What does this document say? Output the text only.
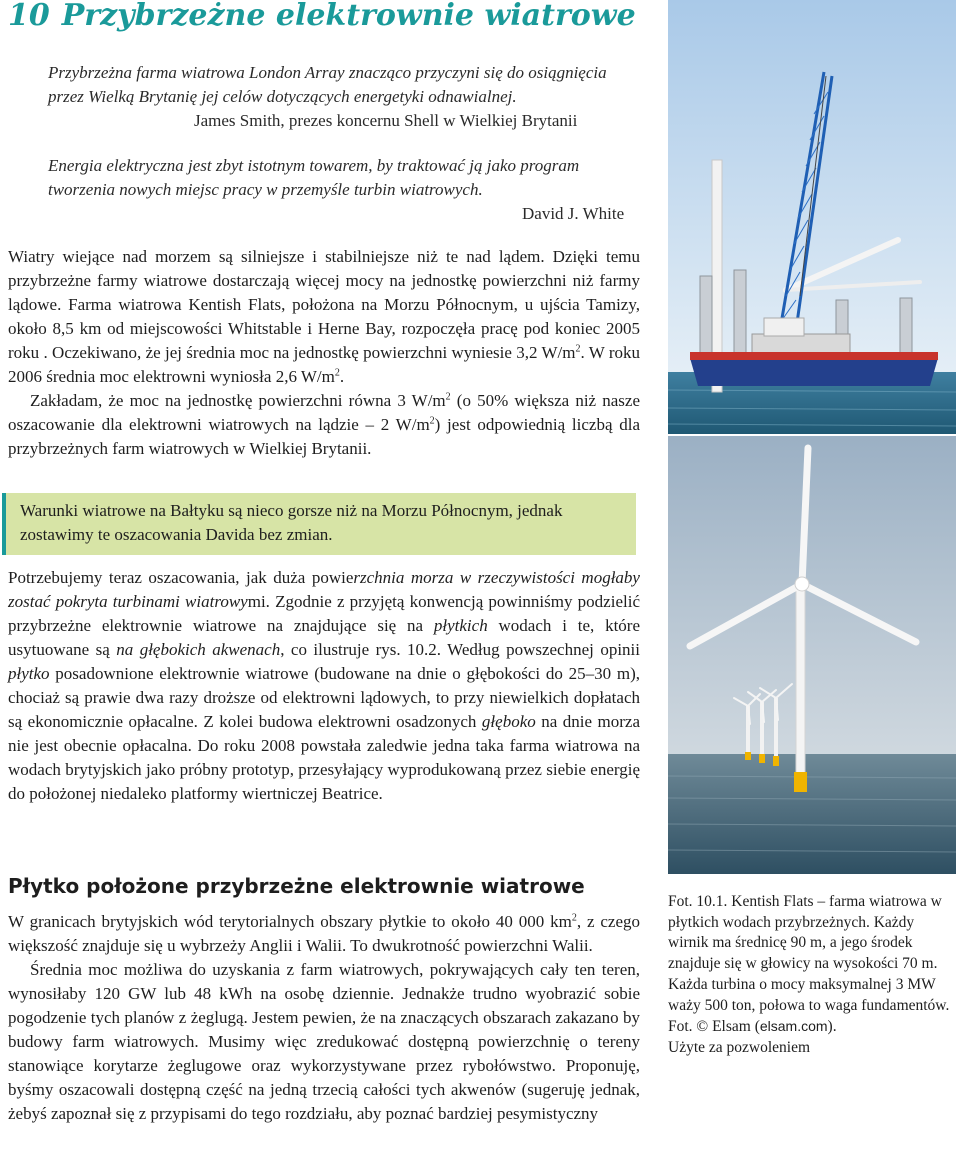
10 Przybrzeżne elektrownie wiatrowe
Przybrzeżna farma wiatrowa London Array znacząco przyczyni się do osiągnięcia przez Wielką Brytanię jej celów dotyczących energetyki odnawialnej.
James Smith, prezes koncernu Shell w Wielkiej Brytanii
Energia elektryczna jest zbyt istotnym towarem, by traktować ją jako program tworzenia nowych miejsc pracy w przemyśle turbin wiatrowych.
David J. White

Wiatry wiejące nad morzem są silniejsze i stabilniejsze niż te nad lądem. Dzięki temu przybrzeżne farmy wiatrowe dostarczają więcej mocy na jednostkę powierzchni niż farmy lądowe. Farma wiatrowa Kentish Flats, położona na Morzu Północnym, u ujścia Tamizy, około 8,5 km od miejscowości Whitstable i Herne Bay, rozpoczęła pracę pod koniec 2005 roku . Oczekiwano, że jej średnia moc na jednostkę powierzchni wyniesie 3,2 $W/m^2$. W roku 2006 średnia moc elektrowni wyniosła 2,6 $W/m^2$.

Zakładam, że moc na jednostkę powierzchni równa 3 $W/m^2$ (o 50% większa niż nasze oszacowanie dla elektrowni wiatrowych na lądzie – 2 $W/m^2$) jest odpowiednią liczbą dla przybrzeżnych farm wiatrowych w Wielkiej Brytanii.

Warunki wiatrowe na Bałtyku są nieco gorsze niż na Morzu Północnym, jednak zostawimy te oszacowania Davida bez zmian.

Potrzebujemy teraz oszacowania, jak duża powierzchnia morza w rzeczywistości mogłaby zostać pokryta turbinami wiatrowymi. Zgodnie z przyjętą konwencją powinniśmy podzielić przybrzeżne elektrownie wiatrowe na znajdujące się na płytkich wodach i te, które usytuowane są na głębokich akwenach, co ilustruje rys. 10.2. Według powszechnej opinii płytko posadownione elektrownie wiatrowe (budowane na dnie o głębokości do 25–30 m), chociaż są prawie dwa razy droższe od elektrowni lądowych, to przy niewielkich dopłatach są ekonomicznie opłacalne. Z kolei budowa elektrowni osadzonych głęboko na dnie morza nie jest obecnie opłacalna. Do roku 2008 powstała zaledwie jedna taka farma wiatrowa na wodach brytyjskich jako próbny prototyp, przesyłający wyprodukowaną przez siebie energię do położonej niedaleko platformy wiertniczej Beatrice.

Płytko położone przybrzeżne elektrownie wiatrowe

W granicach brytyjskich wód terytorialnych obszary płytkie to około 40 000 $km^2$, z czego większość znajduje się u wybrzeży Anglii i Walii. To dwukrotność powierzchni Walii.

Średnia moc możliwa do uzyskania z farm wiatrowych, pokrywających cały ten teren, wynosiłaby 120 GW lub 48 kWh na osobę dziennie. Jednakże trudno wyobrazić sobie pogodzenie tych planów z żeglugą. Jestem pewien, że na znaczących obszarach zakazano by budowy farm wiatrowych. Musimy więc zredukować dostępną powierzchnię o tereny stanowiące korytarze żeglugowe oraz wykorzystywane przez rybołówstwo. Proponuję, byśmy oszacowali dostępną część na jedną trzecią całości tych akwenów (sugeruję jednak, żebyś zapoznał się z przypisami do tego rozdziału, aby poznać bardziej pesymistyczny

Fot. 10.1. Kentish Flats – farma wiatrowa w płytkich wodach przybrzeżnych. Każdy wirnik ma średnicę 90 m, a jego środek znajduje się w głowicy na wysokości 70 m. Każda turbina o mocy maksymalnej 3 MW waży 500 ton, połowa to waga fundamentów.
Fot. © Elsam (elsam.com).
Użyte za pozwoleniem
